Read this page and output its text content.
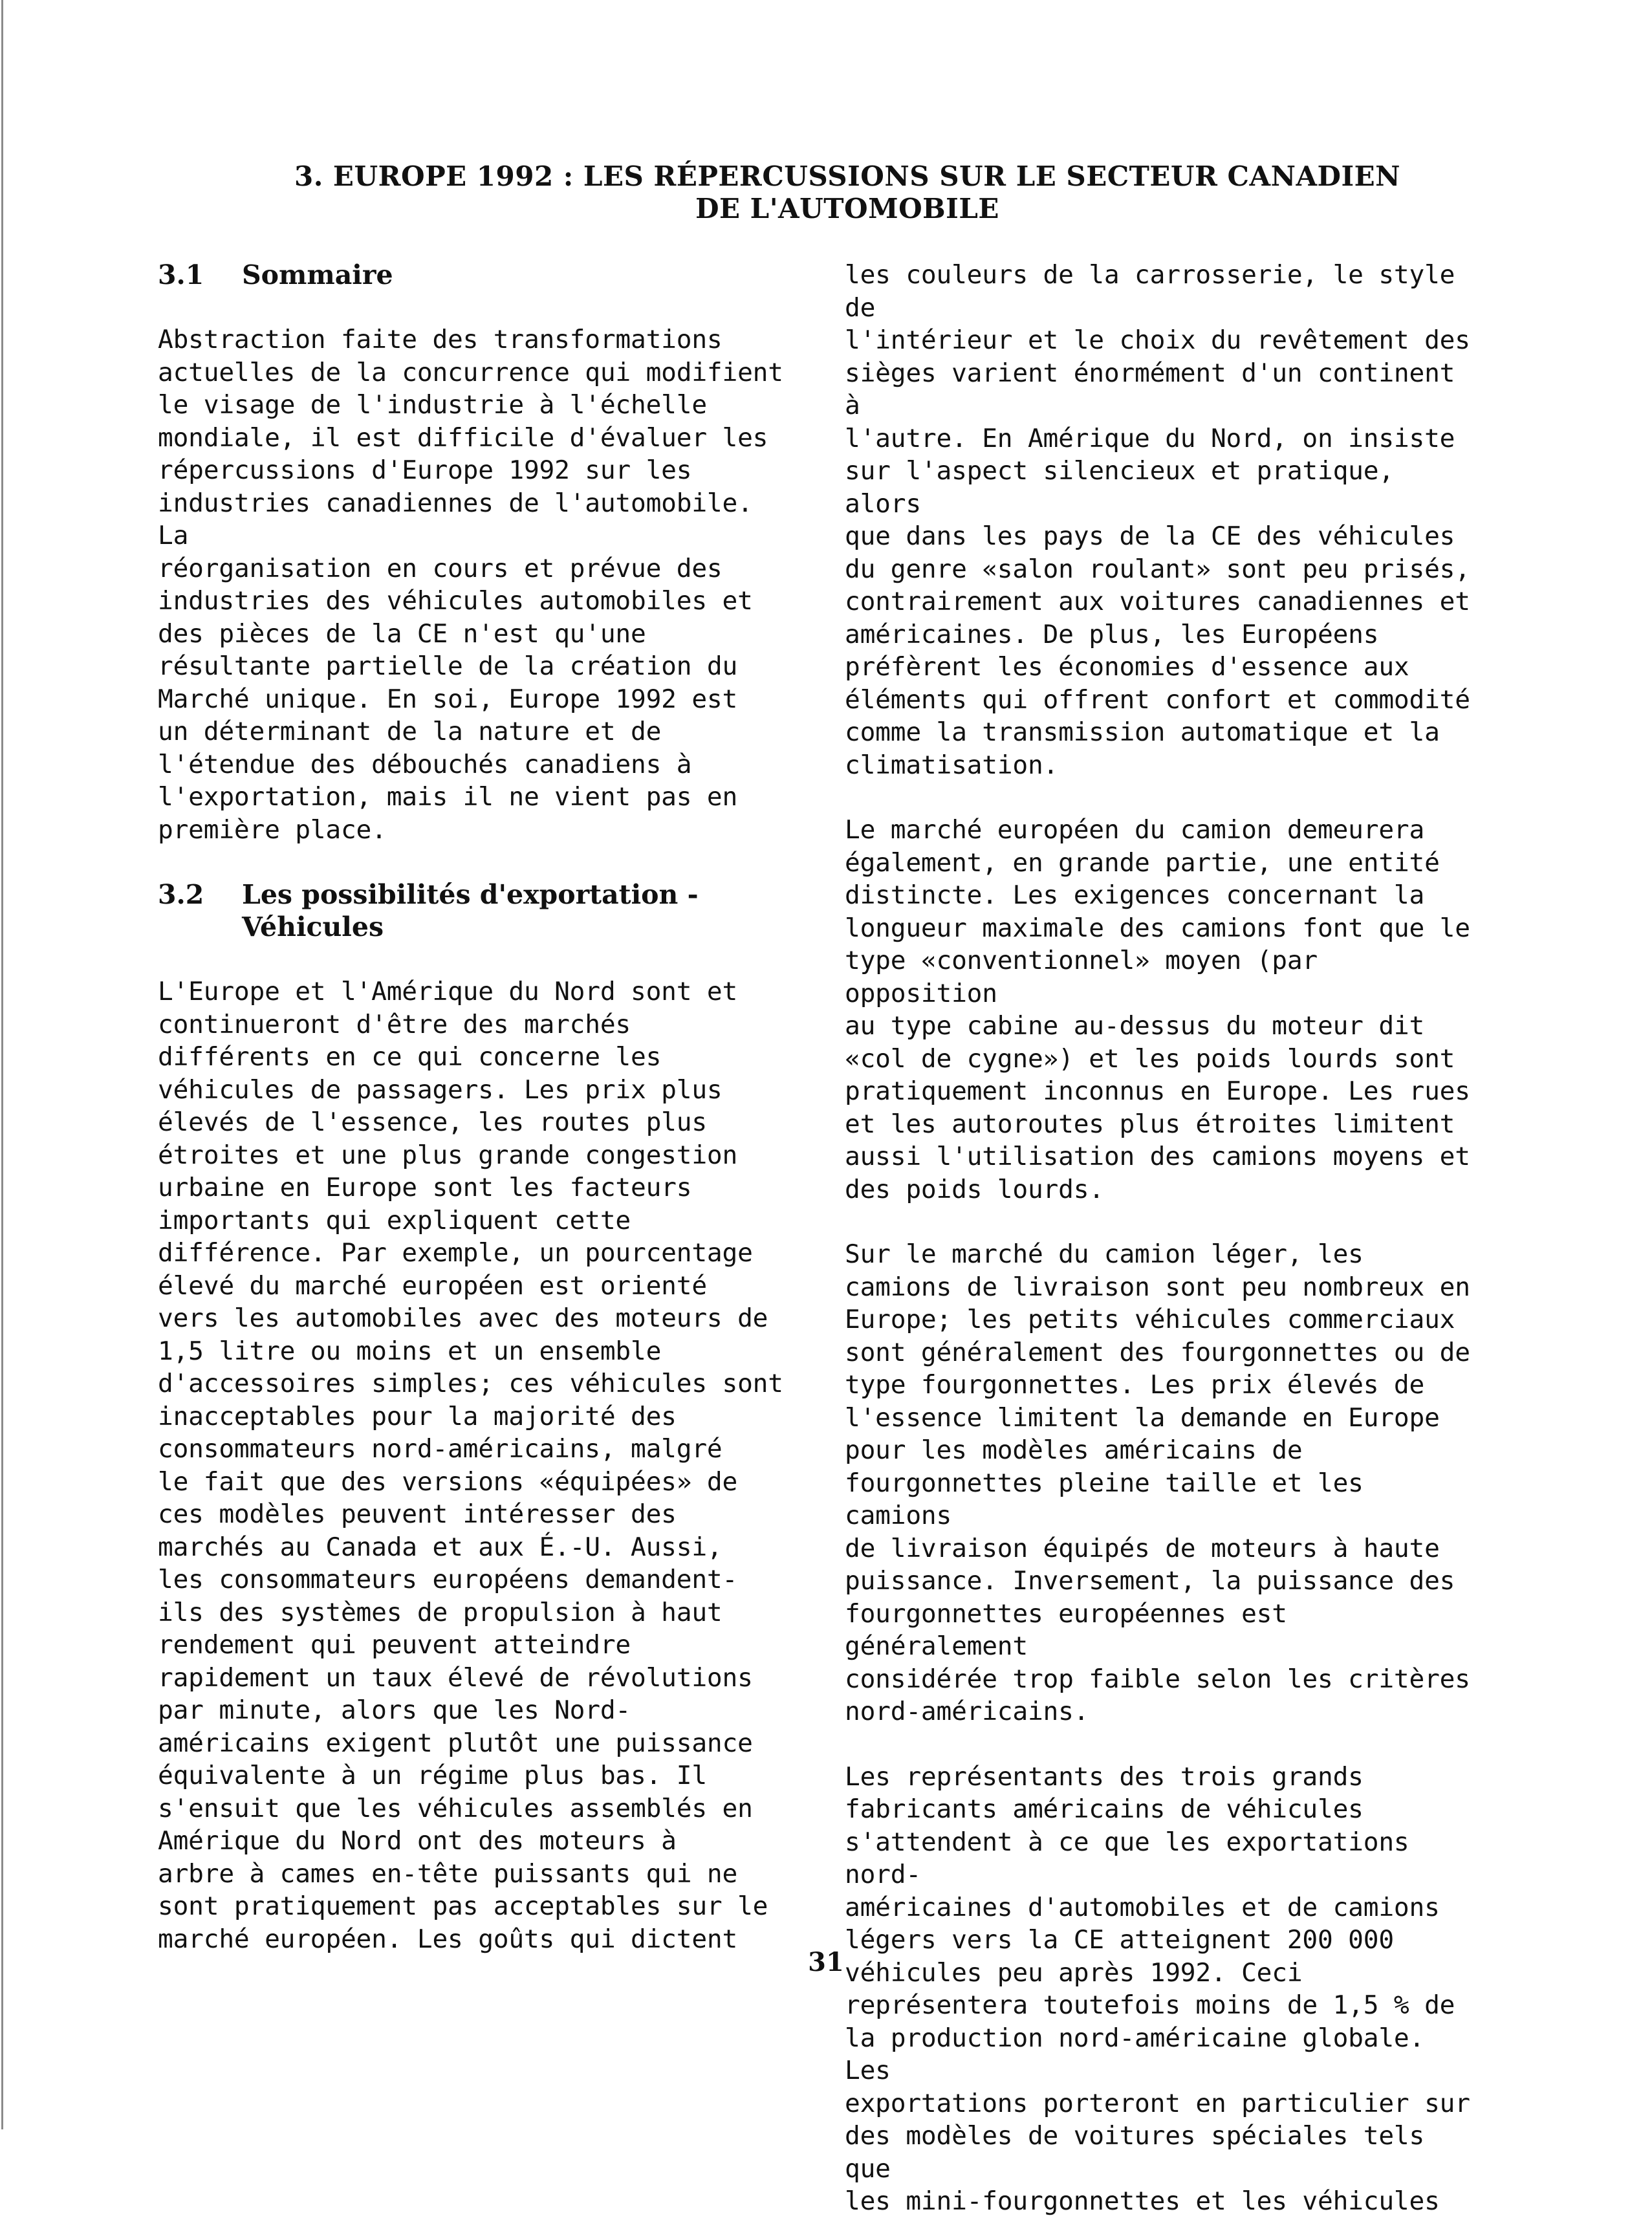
3. EUROPE 1992 : LES RÉPERCUSSIONS SUR LE SECTEUR CANADIEN
DE L'AUTOMOBILE
3.1 Sommaire

Abstraction faite des transformations
actuelles de la concurrence qui modifient
le visage de l'industrie à l'échelle
mondiale, il est difficile d'évaluer les
répercussions d'Europe 1992 sur les
industries canadiennes de l'automobile. La
réorganisation en cours et prévue des
industries des véhicules automobiles et
des pièces de la CE n'est qu'une
résultante partielle de la création du
Marché unique. En soi, Europe 1992 est
un déterminant de la nature et de
l'étendue des débouchés canadiens à
l'exportation, mais il ne vient pas en
première place.

3.2 Les possibilités d'exportation -
Véhicules

L'Europe et l'Amérique du Nord sont et
continueront d'être des marchés
différents en ce qui concerne les
véhicules de passagers. Les prix plus
élevés de l'essence, les routes plus
étroites et une plus grande congestion
urbaine en Europe sont les facteurs
importants qui expliquent cette
différence. Par exemple, un pourcentage
élevé du marché européen est orienté
vers les automobiles avec des moteurs de
1,5 litre ou moins et un ensemble
d'accessoires simples; ces véhicules sont
inacceptables pour la majorité des
consommateurs nord-américains, malgré
le fait que des versions «équipées» de
ces modèles peuvent intéresser des
marchés au Canada et aux É.-U. Aussi,
les consommateurs européens demandent-
ils des systèmes de propulsion à haut
rendement qui peuvent atteindre
rapidement un taux élevé de révolutions
par minute, alors que les Nord-
américains exigent plutôt une puissance
équivalente à un régime plus bas. Il
s'ensuit que les véhicules assemblés en
Amérique du Nord ont des moteurs à
arbre à cames en-tête puissants qui ne
sont pratiquement pas acceptables sur le
marché européen. Les goûts qui dictent

les couleurs de la carrosserie, le style de
l'intérieur et le choix du revêtement des
sièges varient énormément d'un continent à
l'autre. En Amérique du Nord, on insiste
sur l'aspect silencieux et pratique, alors
que dans les pays de la CE des véhicules
du genre «salon roulant» sont peu prisés,
contrairement aux voitures canadiennes et
américaines. De plus, les Européens
préfèrent les économies d'essence aux
éléments qui offrent confort et commodité
comme la transmission automatique et la
climatisation.

Le marché européen du camion demeurera
également, en grande partie, une entité
distincte. Les exigences concernant la
longueur maximale des camions font que le
type «conventionnel» moyen (par opposition
au type cabine au-dessus du moteur dit
«col de cygne») et les poids lourds sont
pratiquement inconnus en Europe. Les rues
et les autoroutes plus étroites limitent
aussi l'utilisation des camions moyens et
des poids lourds.

Sur le marché du camion léger, les
camions de livraison sont peu nombreux en
Europe; les petits véhicules commerciaux
sont généralement des fourgonnettes ou de
type fourgonnettes. Les prix élevés de
l'essence limitent la demande en Europe
pour les modèles américains de
fourgonnettes pleine taille et les camions
de livraison équipés de moteurs à haute
puissance. Inversement, la puissance des
fourgonnettes européennes est généralement
considérée trop faible selon les critères
nord-américains.

Les représentants des trois grands
fabricants américains de véhicules
s'attendent à ce que les exportations nord-
américaines d'automobiles et de camions
légers vers la CE atteignent 200 000
véhicules peu après 1992. Ceci
représentera toutefois moins de 1,5 % de
la production nord-américaine globale. Les
exportations porteront en particulier sur
des modèles de voitures spéciales tels que
les mini-fourgonnettes et les véhicules

31
